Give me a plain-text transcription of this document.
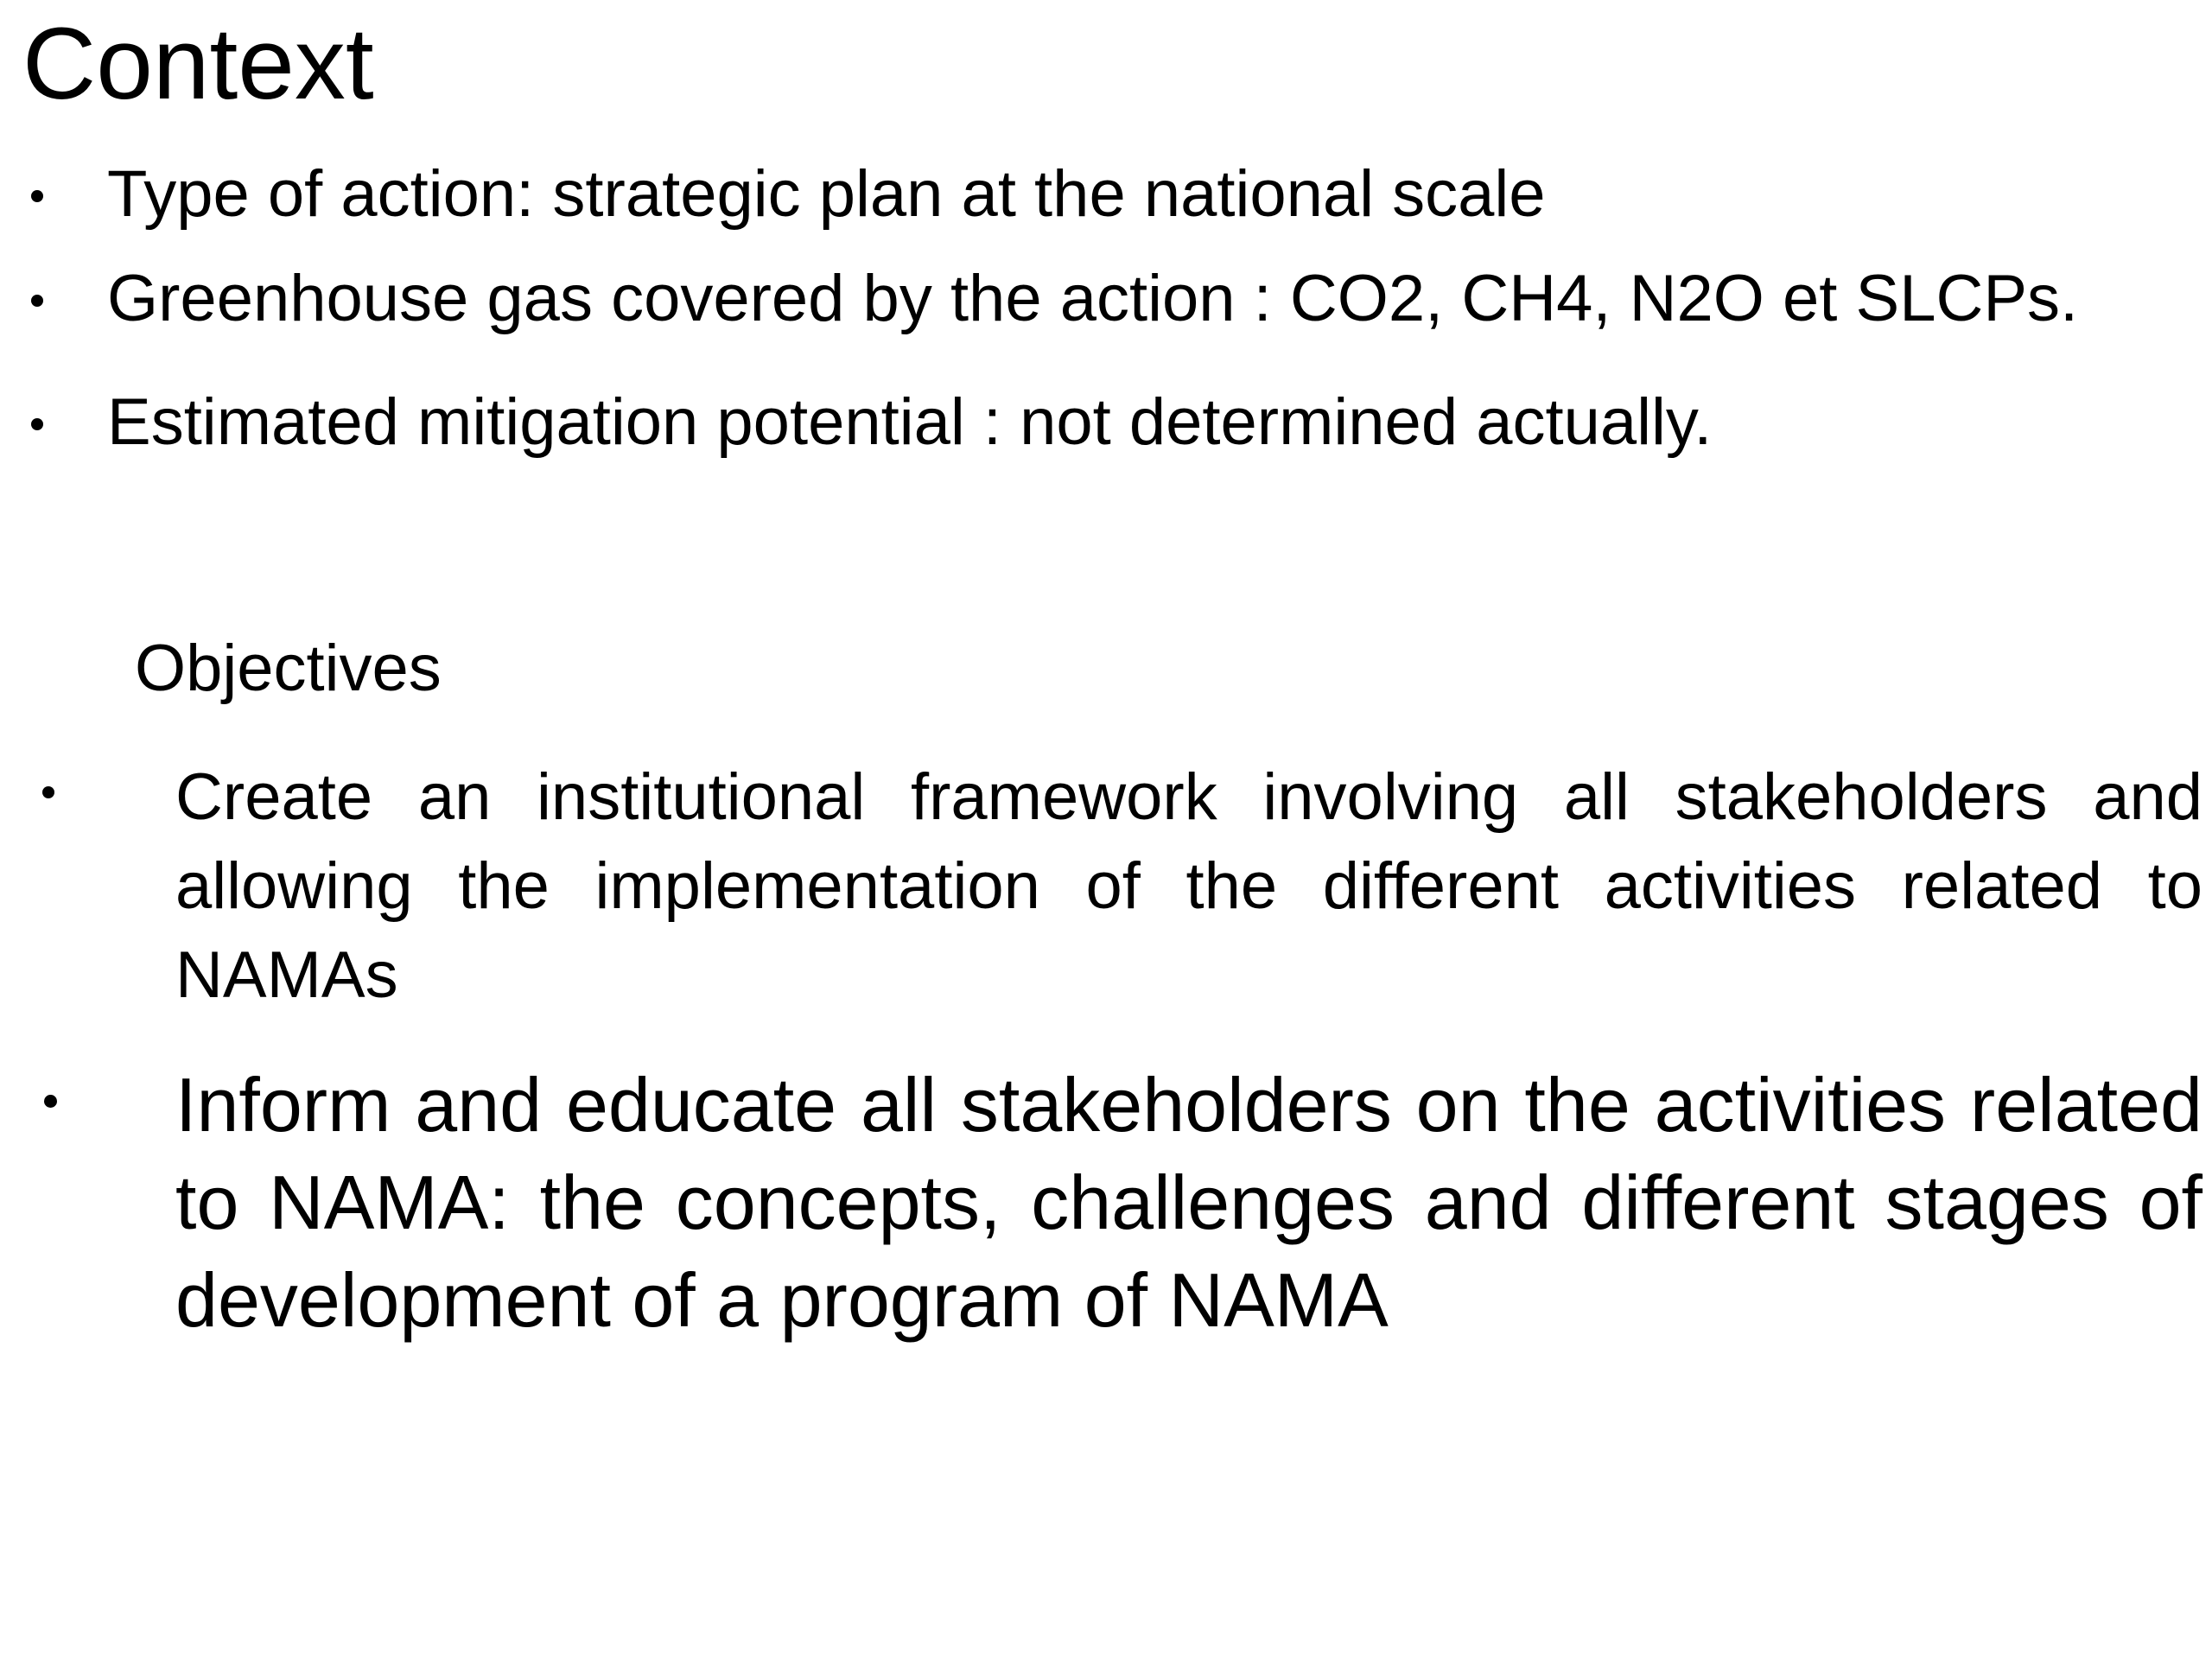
Context
Type of action: strategic plan at the national scale
Greenhouse gas covered by the action : CO2, CH4, N2O et SLCPs.
Estimated mitigation potential : not determined actually.
Objectives
Create an institutional framework involving all stakeholders and allowing the implementation of the different activities related to NAMAs
Inform and educate all stakeholders on the activities related to NAMA: the concepts, challenges and different stages of development of a program of NAMA
